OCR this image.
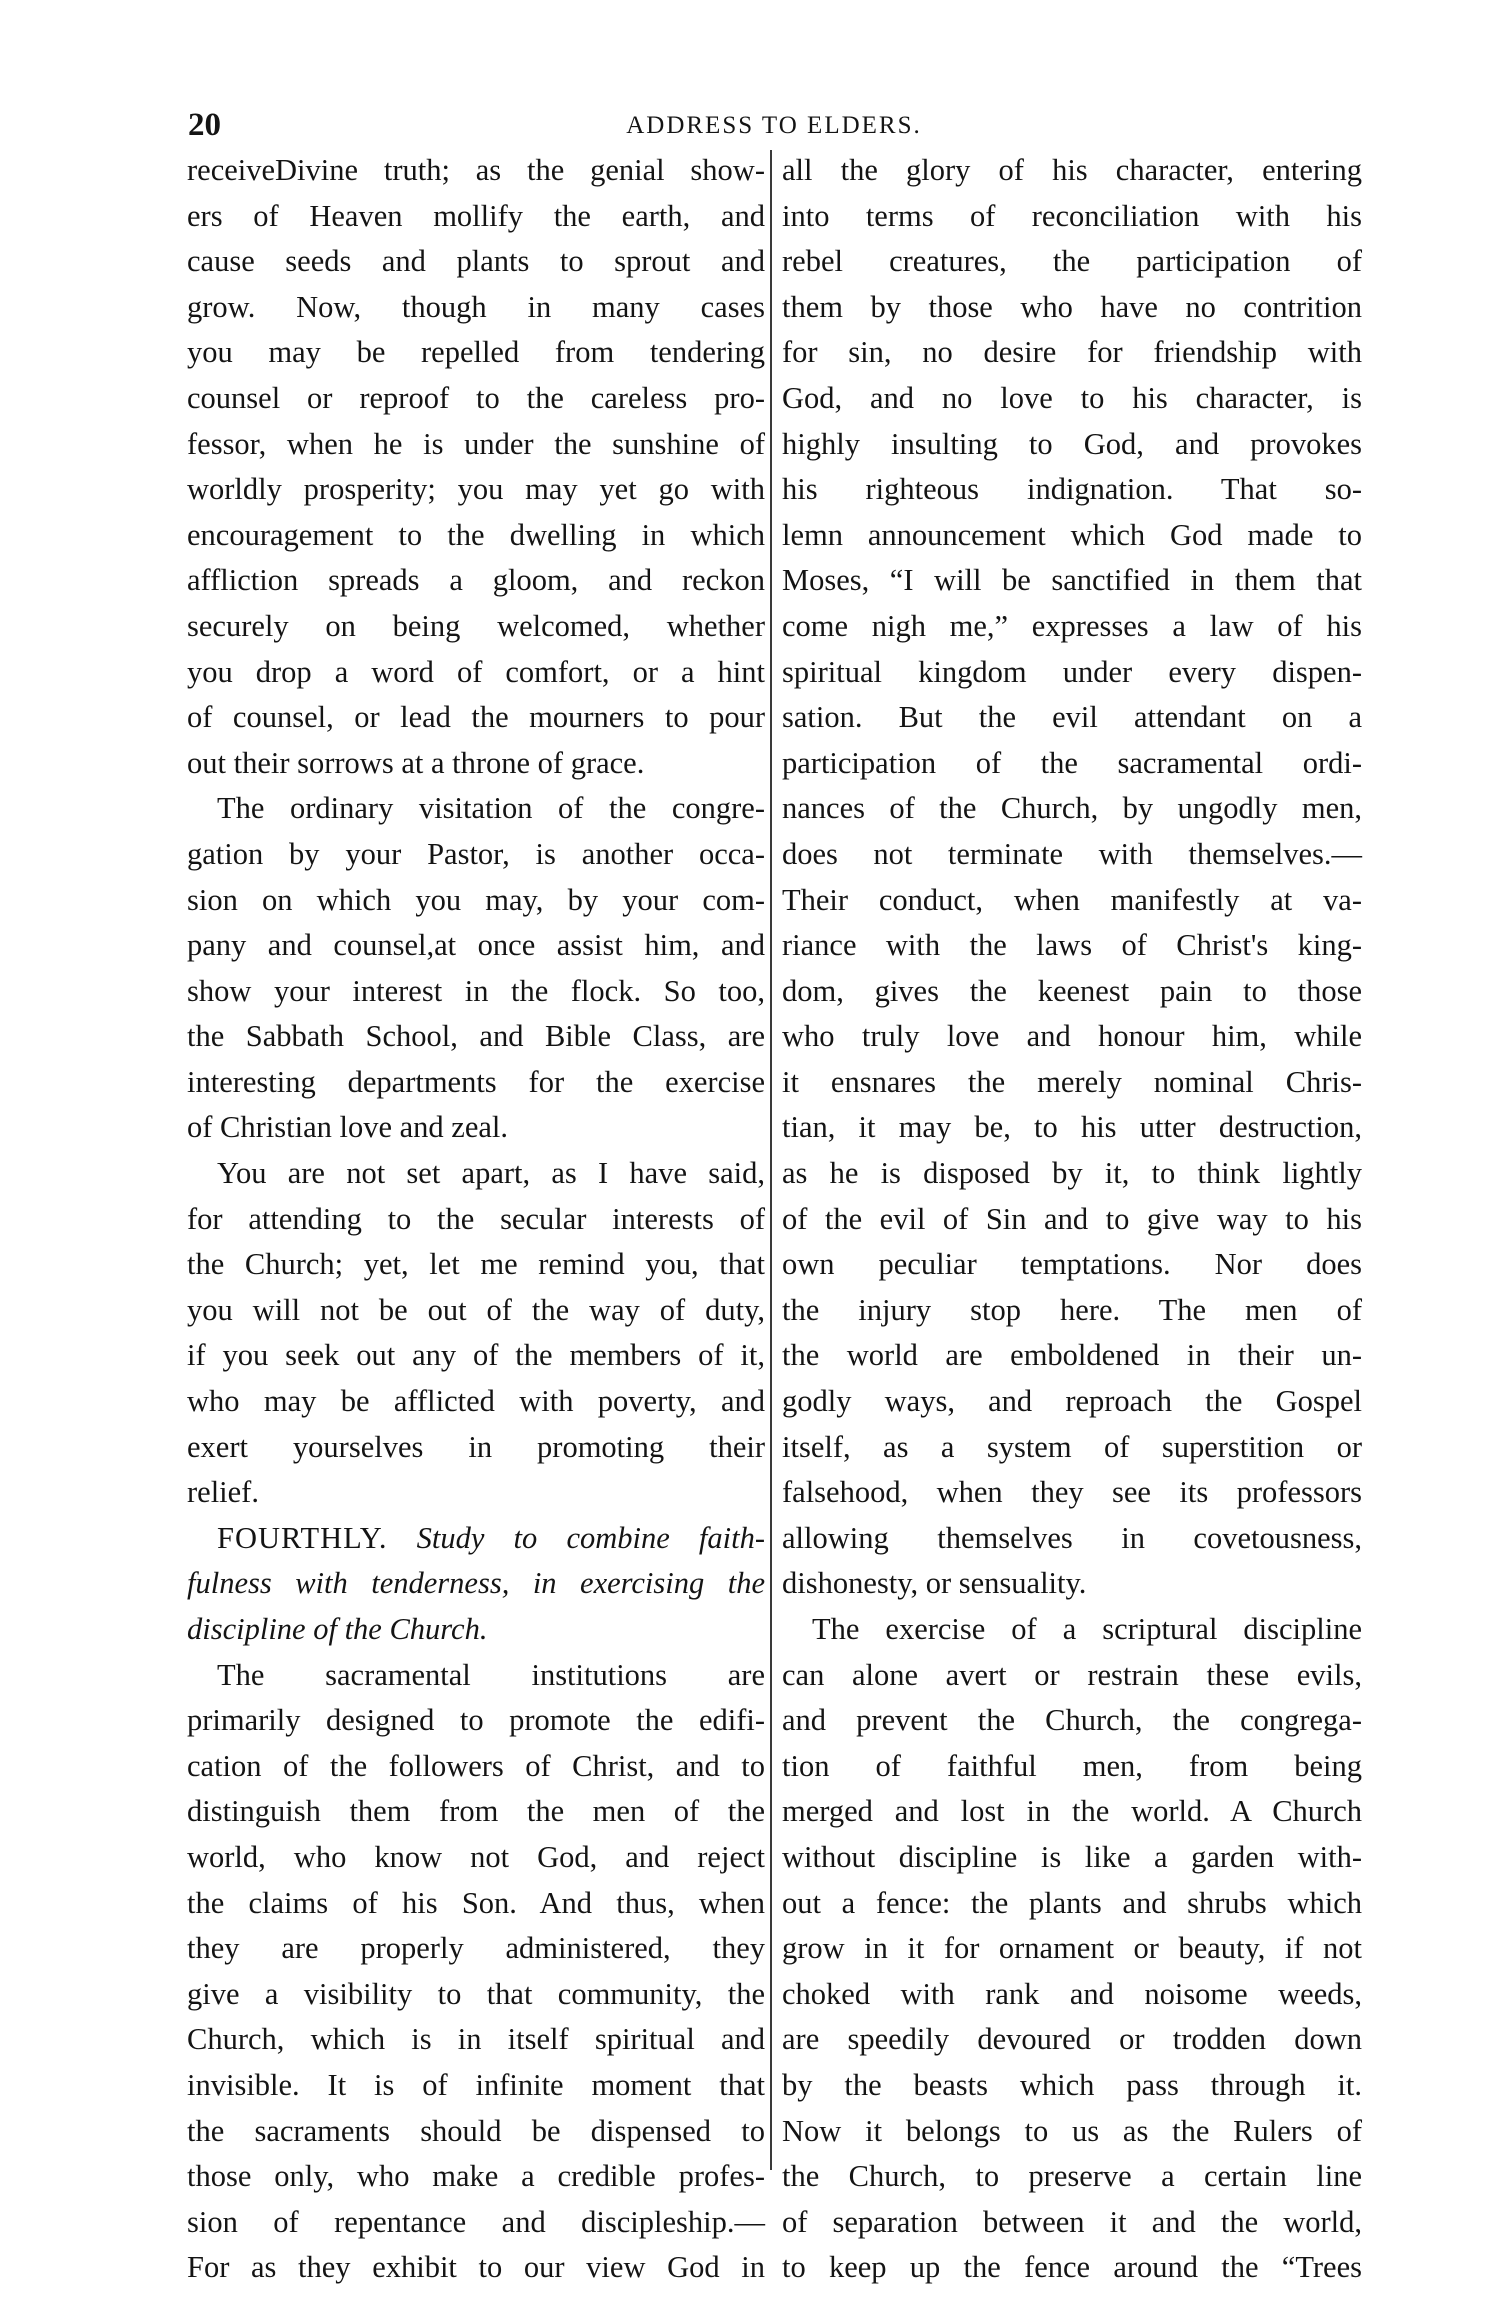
20	ADDRESS TO ELDERS.
receiveDivine truth; as the genial show-
ers of Heaven mollify the earth, and
cause seeds and plants to sprout and
grow. Now, though in many cases
you may be repelled from tendering
counsel or reproof to the careless pro-
fessor, when he is under the sunshine of
worldly prosperity; you may yet go with
encouragement to the dwelling in which
affliction spreads a gloom, and reckon
securely on being welcomed, whether
you drop a word of comfort, or a hint
of counsel, or lead the mourners to pour
out their sorrows at a throne of grace.
The ordinary visitation of the congre-
gation by your Pastor, is another occa-
sion on which you may, by your com-
pany and counsel,at once assist him, and
show your interest in the flock. So too,
the Sabbath School, and Bible Class, are
interesting departments for the exercise
of Christian love and zeal.
You are not set apart, as I have said,
for attending to the secular interests of
the Church; yet, let me remind you, that
you will not be out of the way of duty,
if you seek out any of the members of it,
who may be afflicted with poverty, and
exert yourselves in promoting their
relief.
FOURTHLY. Study to combine faith-
fulness with tenderness, in exercising the
discipline of the Church.
The sacramental institutions are
primarily designed to promote the edifi-
cation of the followers of Christ, and to
distinguish them from the men of the
world, who know not God, and reject
the claims of his Son. And thus, when
they are properly administered, they
give a visibility to that community, the
Church, which is in itself spiritual and
invisible. It is of infinite moment that
the sacraments should be dispensed to
those only, who make a credible profes-
sion of repentance and discipleship.—
For as they exhibit to our view God in
all the glory of his character, entering
into terms of reconciliation with his
rebel creatures, the participation of
them by those who have no contrition
for sin, no desire for friendship with
God, and no love to his character, is
highly insulting to God, and provokes
his righteous indignation. That so-
lemn announcement which God made to
Moses, “I will be sanctified in them that
come nigh me,” expresses a law of his
spiritual kingdom under every dispen-
sation. But the evil attendant on a
participation of the sacramental ordi-
nances of the Church, by ungodly men,
does not terminate with themselves.—
Their conduct, when manifestly at va-
riance with the laws of Christ's king-
dom, gives the keenest pain to those
who truly love and honour him, while
it ensnares the merely nominal Chris-
tian, it may be, to his utter destruction,
as he is disposed by it, to think lightly
of the evil of Sin and to give way to his
own peculiar temptations. Nor does
the injury stop here. The men of
the world are emboldened in their un-
godly ways, and reproach the Gospel
itself, as a system of superstition or
falsehood, when they see its professors
allowing themselves in covetousness,
dishonesty, or sensuality.
The exercise of a scriptural discipline
can alone avert or restrain these evils,
and prevent the Church, the congrega-
tion of faithful men, from being
merged and lost in the world. A Church
without discipline is like a garden with-
out a fence: the plants and shrubs which
grow in it for ornament or beauty, if not
choked with rank and noisome weeds,
are speedily devoured or trodden down
by the beasts which pass through it.
Now it belongs to us as the Rulers of
the Church, to preserve a certain line
of separation between it and the world,
to keep up the fence around the “Trees
